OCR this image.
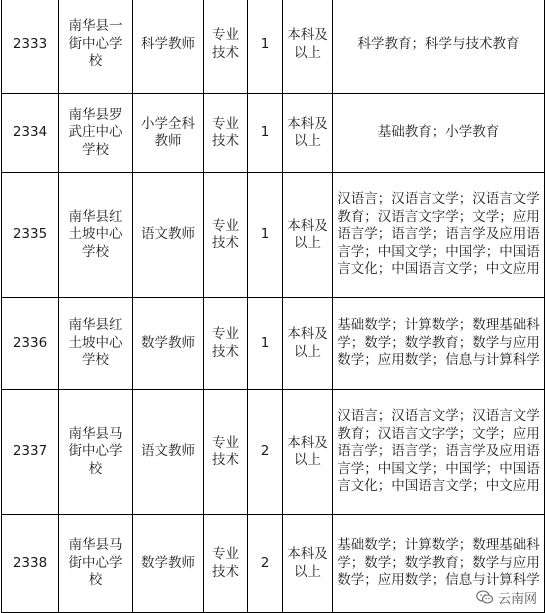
2333	南华县一街中心学校	科学教师	专业技术	1	本科及以上	科学教育；科学与技术教育
2334	南华县罗武庄中心学校	小学全科教师	专业技术	1	本科及以上	基础教育；小学教育
2335	南华县红土坡中心学校	语文教师	专业技术	1	本科及以上	汉语言；汉语言文学；汉语言文学教育；汉语言文字学；文学；应用语言学；语言学；语言学及应用语言学；中国文学；中国学；中国语言文化；中国语言文学；中文应用
2336	南华县红土坡中心学校	数学教师	专业技术	1	本科及以上	基础数学；计算数学；数理基础科学；数学；数学教育；数学与应用数学；应用数学；信息与计算科学
2337	南华县马街中心学校	语文教师	专业技术	2	本科及以上	汉语言；汉语言文学；汉语言文学教育；汉语言文字学；文学；应用语言学；语言学；语言学及应用语言学；中国文学；中国学；中国语言文化；中国语言文学；中文应用
2338	南华县马街中心学校	数学教师	专业技术	2	本科及以上	基础数学；计算数学；数理基础科学；数学；数学教育；数学与应用数学；应用数学；信息与计算科学
云南网
